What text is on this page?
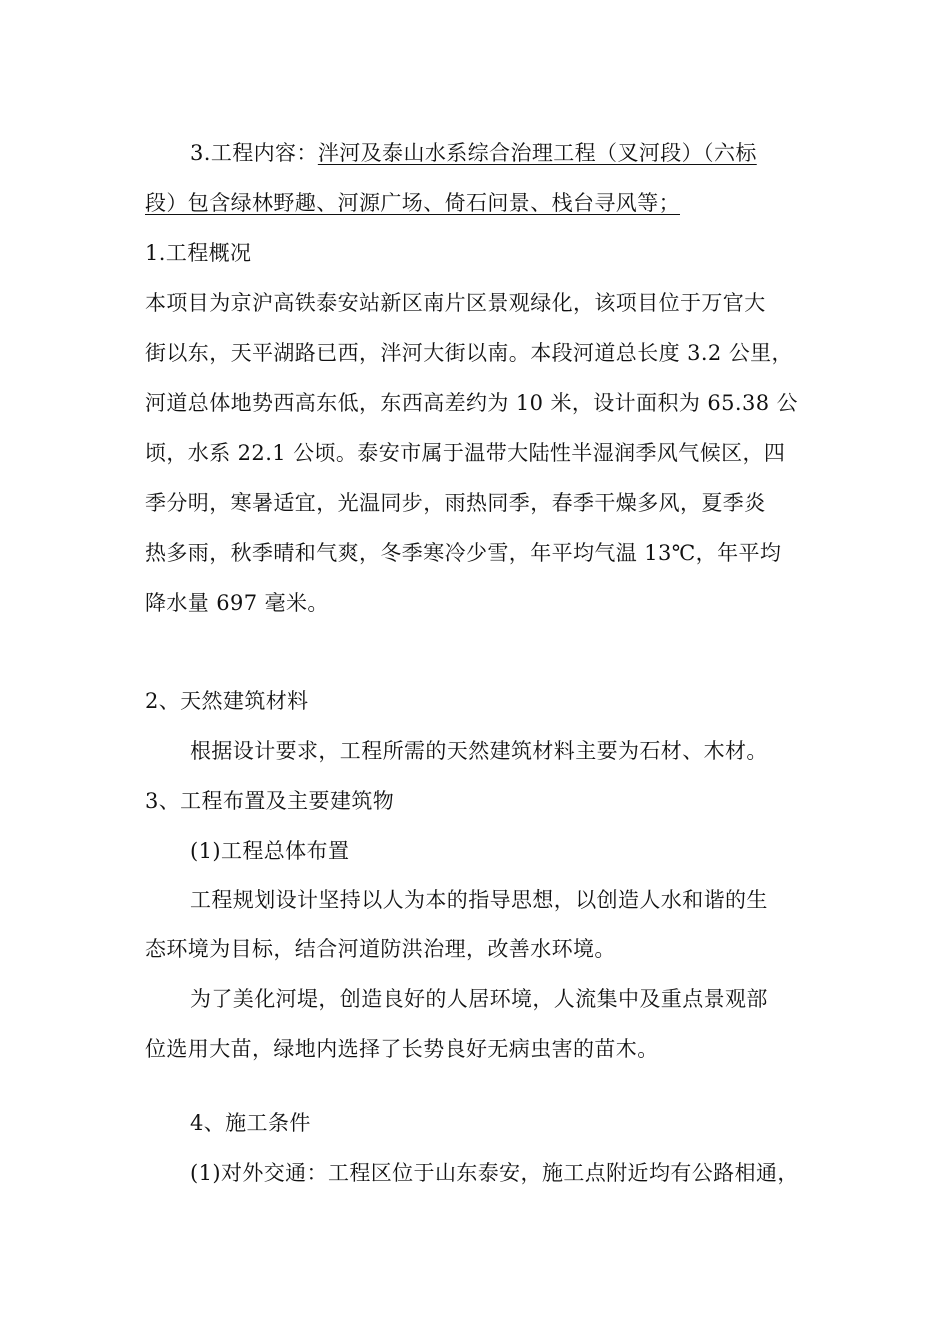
3.工程内容：泮河及泰山水系综合治理工程（叉河段）（六标
段）包含绿林野趣、河源广场、倚石问景、栈台寻风等；
1.工程概况
本项目为京沪高铁泰安站新区南片区景观绿化，该项目位于万官大
街以东，天平湖路已西，泮河大街以南。本段河道总长度 3.2 公里，
河道总体地势西高东低，东西高差约为 10 米，设计面积为 65.38 公
顷，水系 22.1 公顷。泰安市属于温带大陆性半湿润季风气候区，四
季分明，寒暑适宜，光温同步，雨热同季，春季干燥多风，夏季炎
热多雨，秋季晴和气爽，冬季寒冷少雪，年平均气温 13℃，年平均
降水量 697 毫米。
2、天然建筑材料
根据设计要求，工程所需的天然建筑材料主要为石材、木材。
3、工程布置及主要建筑物
(1)工程总体布置
工程规划设计坚持以人为本的指导思想，以创造人水和谐的生
态环境为目标，结合河道防洪治理，改善水环境。
为了美化河堤，创造良好的人居环境，人流集中及重点景观部
位选用大苗，绿地内选择了长势良好无病虫害的苗木。
4、施工条件
(1)对外交通：工程区位于山东泰安，施工点附近均有公路相通，
